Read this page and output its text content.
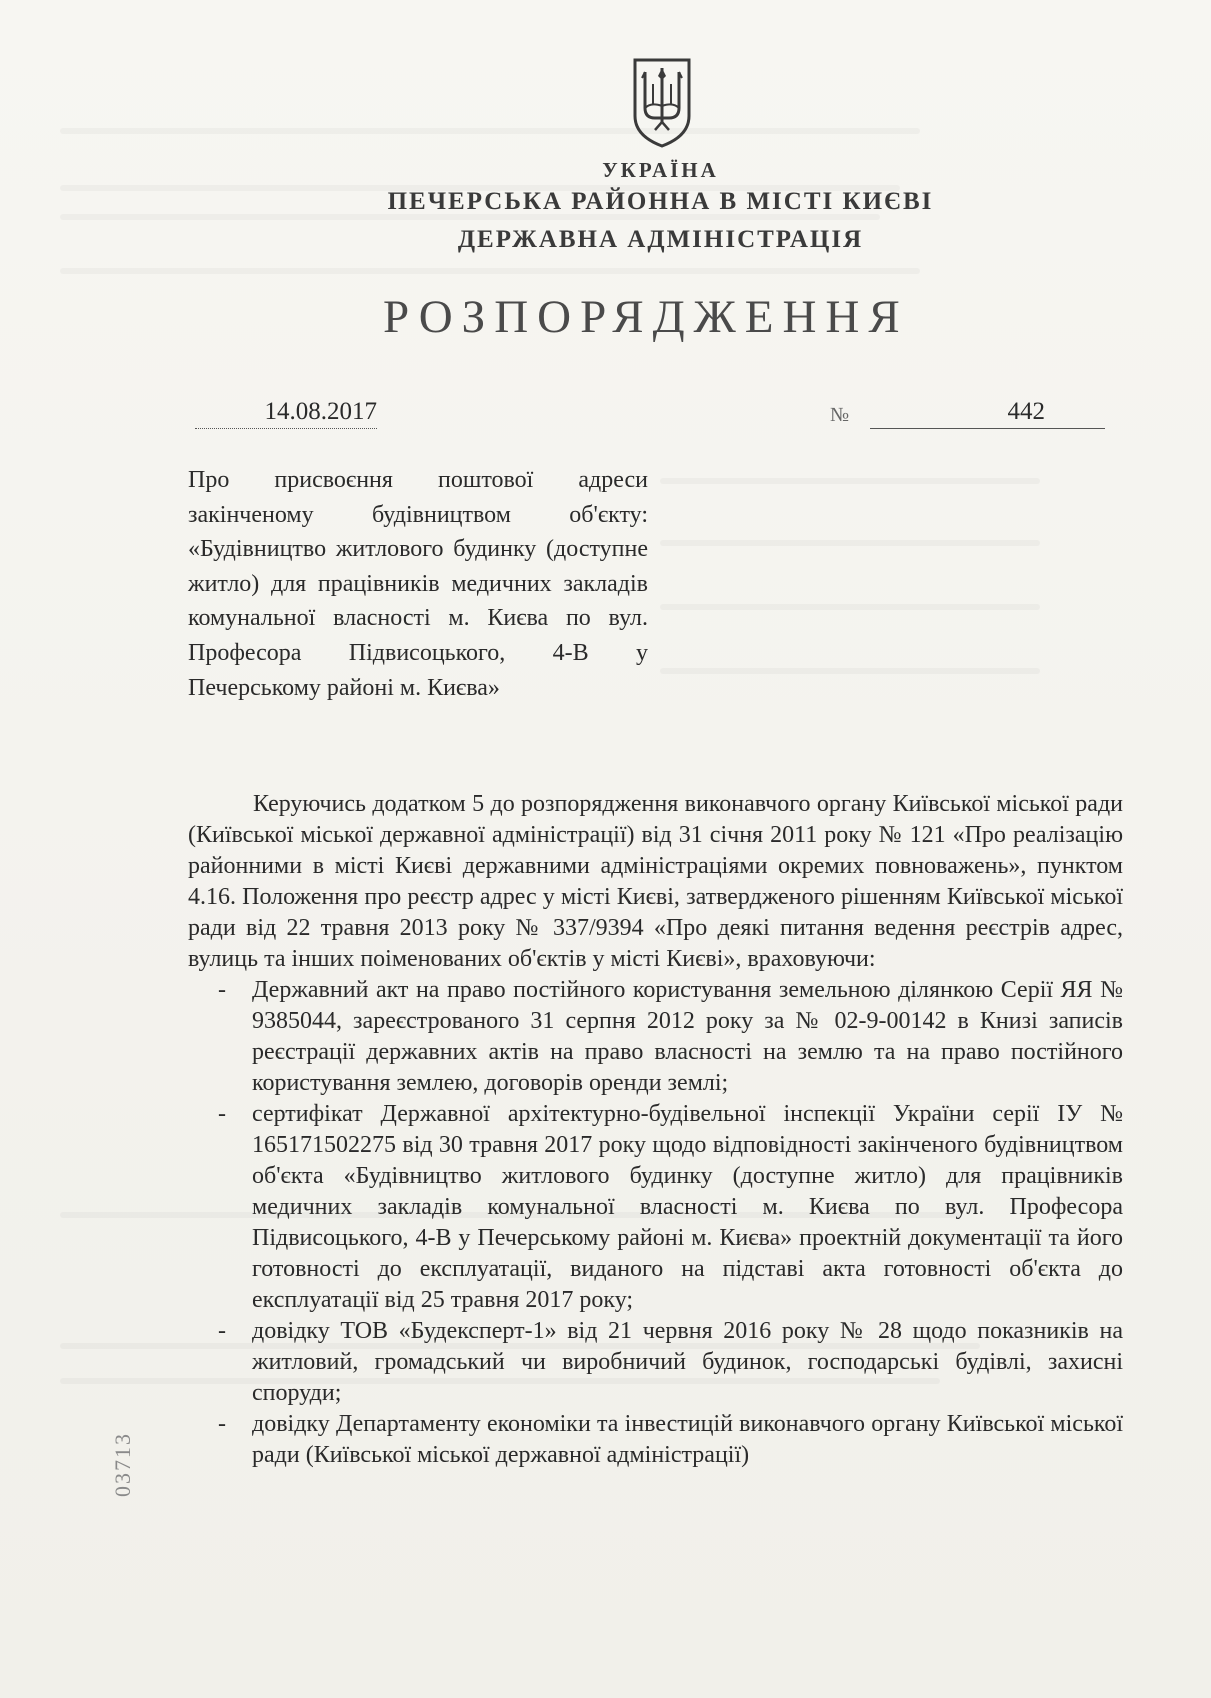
УКРАЇНА
ПЕЧЕРСЬКА РАЙОННА В МІСТІ КИЄВІ
ДЕРЖАВНА АДМІНІСТРАЦІЯ
РОЗПОРЯДЖЕННЯ
14.08.2017	№	442

Про присвоєння поштової адреси закінченому будівництвом об'єкту: «Будівництво житлового будинку (доступне житло) для працівників медичних закладів комунальної власності м. Києва по вул. Професора Підвисоцького, 4-В у Печерському районі м. Києва»

Керуючись додатком 5 до розпорядження виконавчого органу Київської міської ради (Київської міської державної адміністрації) від 31 січня 2011 року № 121 «Про реалізацію районними в місті Києві державними адміністраціями окремих повноважень», пунктом 4.16. Положення про реєстр адрес у місті Києві, затвердженого рішенням Київської міської ради від 22 травня 2013 року № 337/9394 «Про деякі питання ведення реєстрів адрес, вулиць та інших поіменованих об'єктів у місті Києві», враховуючи:

- Державний акт на право постійного користування земельною ділянкою Серії ЯЯ № 9385044, зареєстрованого 31 серпня 2012 року за № 02-9-00142 в Книзі записів реєстрації державних актів на право власності на землю та на право постійного користування землею, договорів оренди землі;
- сертифікат Державної архітектурно-будівельної інспекції України серії ІУ № 165171502275 від 30 травня 2017 року щодо відповідності закінченого будівництвом об'єкта «Будівництво житлового будинку (доступне житло) для працівників медичних закладів комунальної власності м. Києва по вул. Професора Підвисоцького, 4-В у Печерському районі м. Києва» проектній документації та його готовності до експлуатації, виданого на підставі акта готовності об'єкта до експлуатації від 25 травня 2017 року;
- довідку ТОВ «Будексперт-1» від 21 червня 2016 року № 28 щодо показників на житловий, громадський чи виробничий будинок, господарські будівлі, захисні споруди;
- довідку Департаменту економіки та інвестицій виконавчого органу Київської міської ради (Київської міської державної адміністрації)
03713
